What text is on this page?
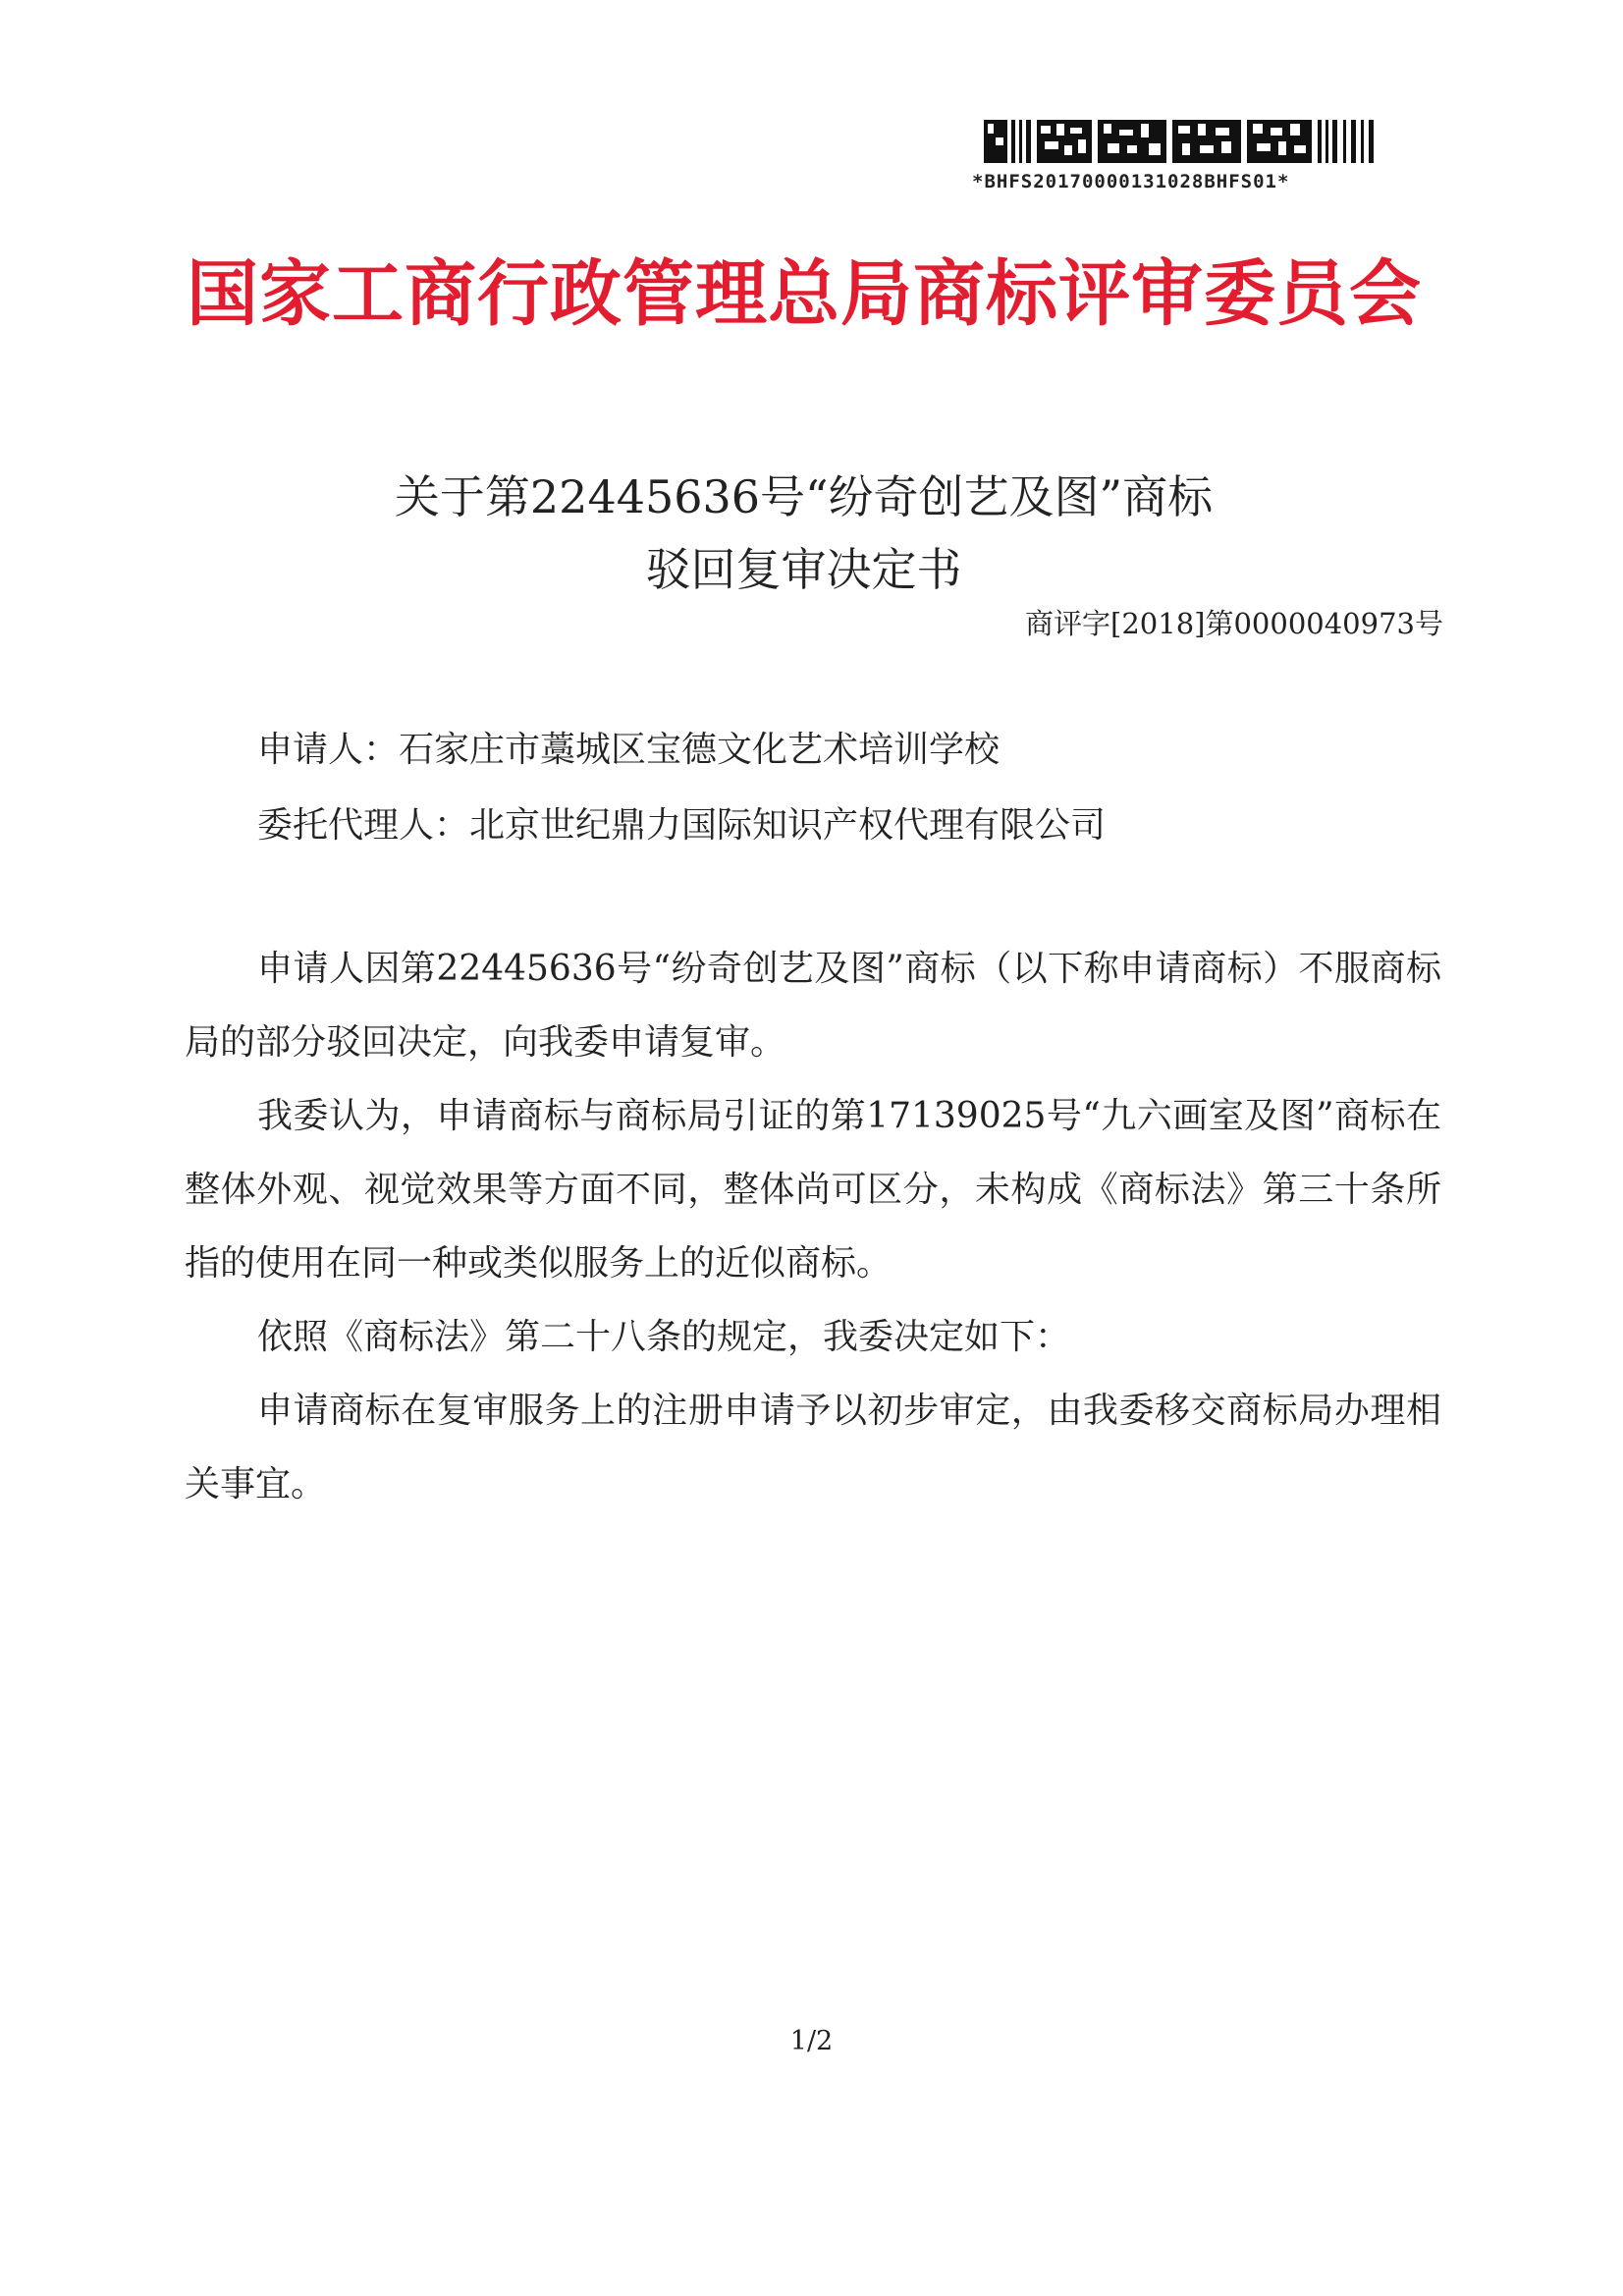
*BHFS20170000131028BHFS01*
国家工商行政管理总局商标评审委员会
关于第22445636号“纷奇创艺及图”商标
驳回复审决定书
商评字[2018]第0000040973号
申请人：石家庄市藁城区宝德文化艺术培训学校
委托代理人：北京世纪鼎力国际知识产权代理有限公司

申请人因第22445636号“纷奇创艺及图”商标（以下称申请商标）不服商标局的部分驳回决定，向我委申请复审。

我委认为，申请商标与商标局引证的第17139025号“九六画室及图”商标在整体外观、视觉效果等方面不同，整体尚可区分，未构成《商标法》第三十条所指的使用在同一种或类似服务上的近似商标。

依照《商标法》第二十八条的规定，我委决定如下：

申请商标在复审服务上的注册申请予以初步审定，由我委移交商标局办理相关事宜。

1/2
